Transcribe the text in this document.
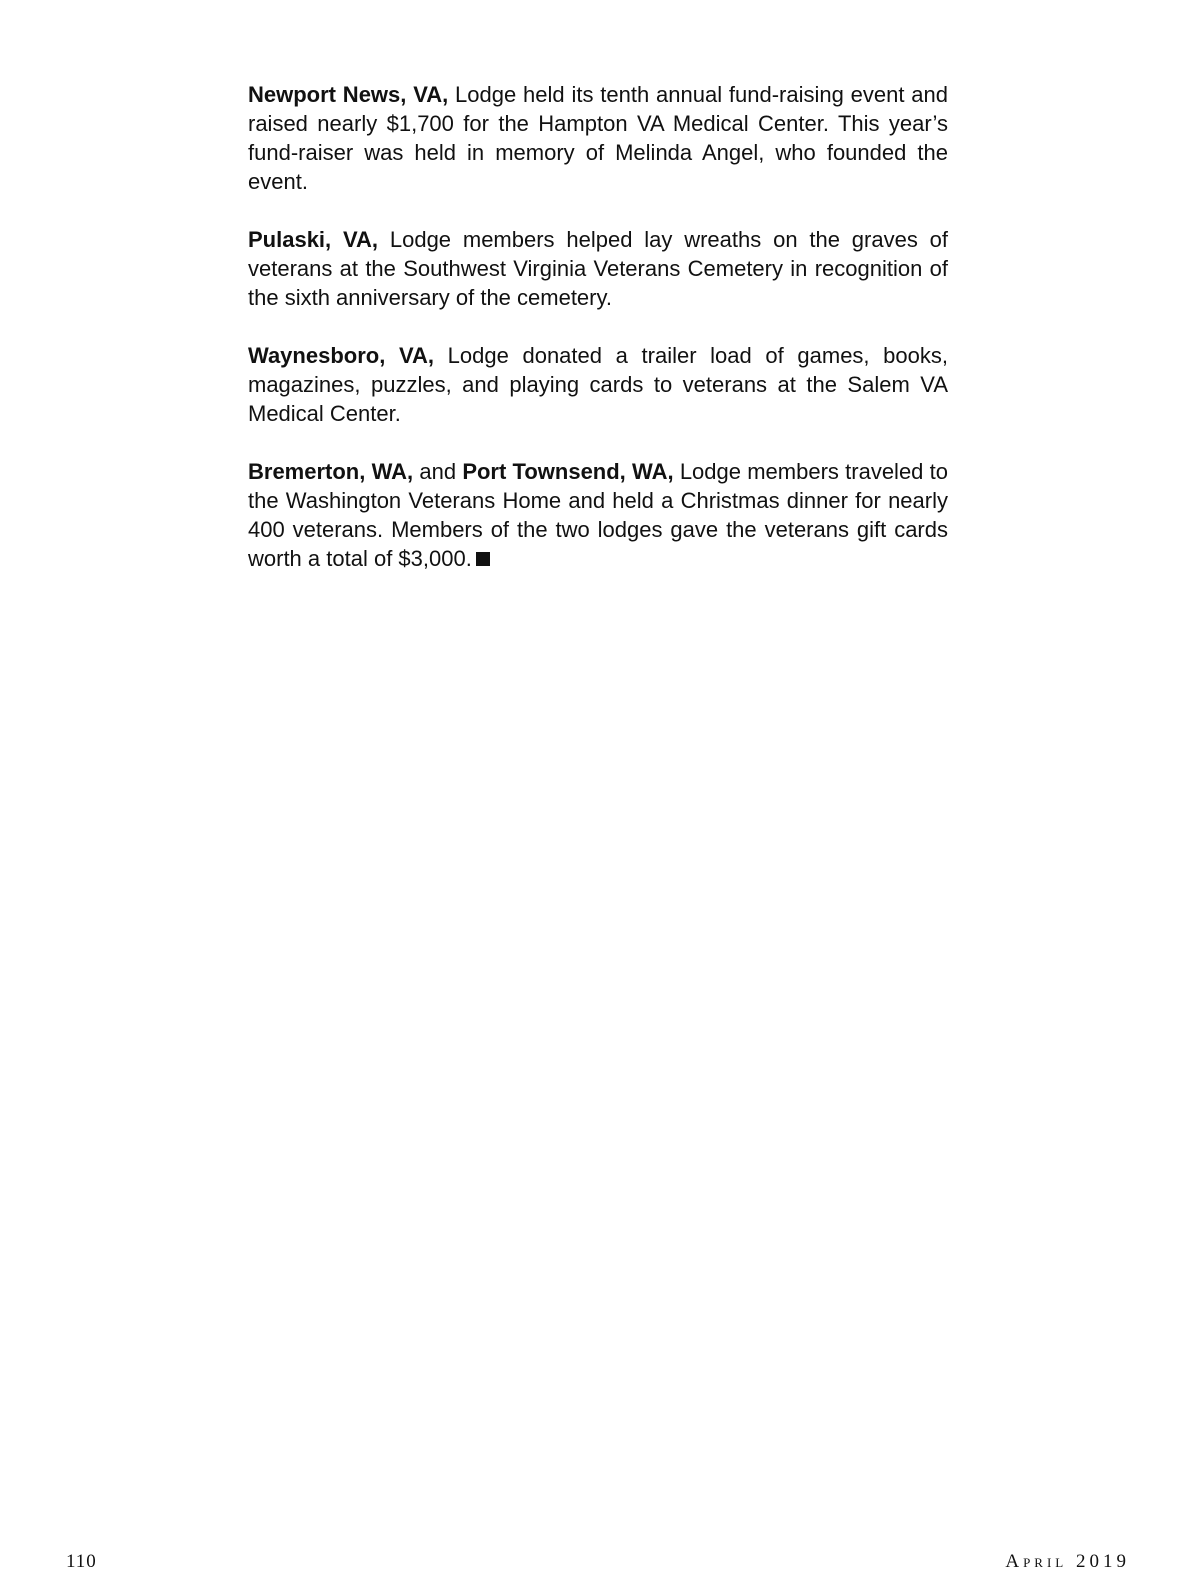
Newport News, VA, Lodge held its tenth annual fund-raising event and raised nearly $1,700 for the Hampton VA Medical Center. This year’s fund-raiser was held in memory of Melinda Angel, who founded the event.

Pulaski, VA, Lodge members helped lay wreaths on the graves of veterans at the Southwest Virginia Veterans Cemetery in recognition of the sixth anniversary of the cemetery.

Waynesboro, VA, Lodge donated a trailer load of games, books, magazines, puzzles, and playing cards to veterans at the Salem VA Medical Center.

Bremerton, WA, and Port Townsend, WA, Lodge members traveled to the Washington Veterans Home and held a Christmas dinner for nearly 400 veterans. Members of the two lodges gave the veterans gift cards worth a total of $3,000.

110	April 2019
